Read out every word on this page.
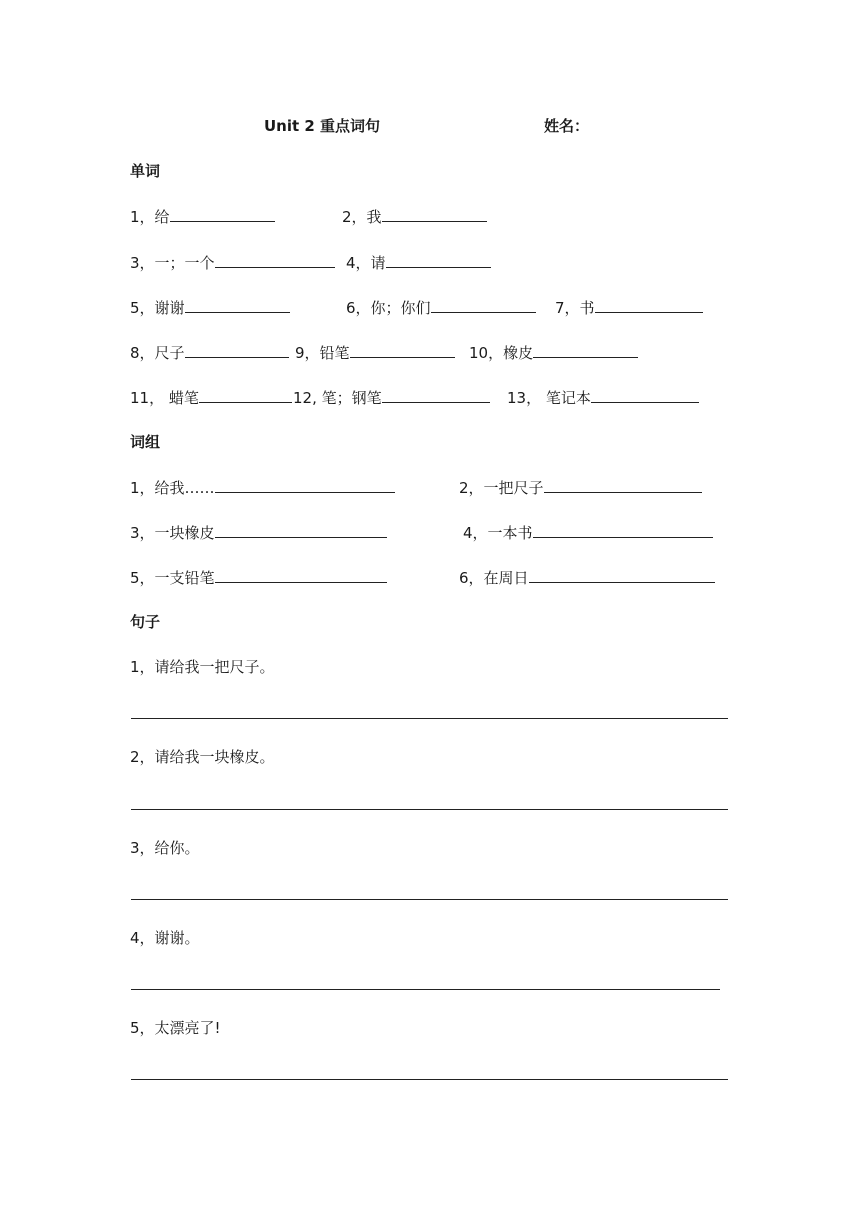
Unit 2 重点词句	姓名：
单词
1，给	2，我
3，一；一个	4，请
5，谢谢	6，你；你们	7，书
8，尺子	9，铅笔	10，橡皮
11， 蜡笔	12, 笔；钢笔	13， 笔记本
词组
1，给我……	2，一把尺子
3，一块橡皮	4，一本书
5，一支铅笔	6，在周日
句子
1，请给我一把尺子。
2，请给我一块橡皮。
3，给你。
4，谢谢。
5，太漂亮了!
